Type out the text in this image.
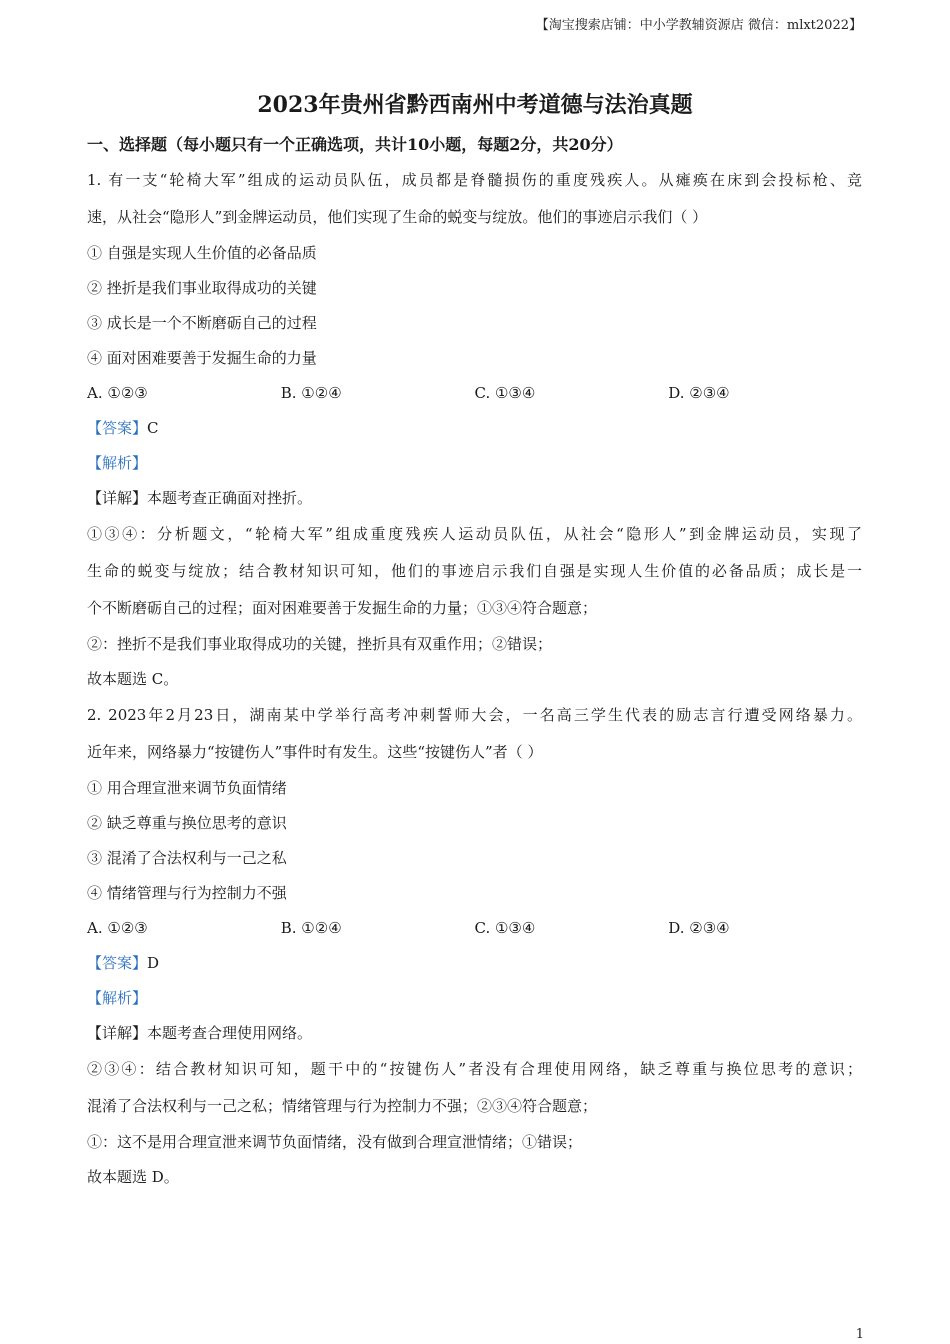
【淘宝搜索店铺：中小学教辅资源店 微信：mlxt2022】
2023年贵州省黔西南州中考道德与法治真题
一、选择题（每小题只有一个正确选项，共计10小题，每题2分，共20分）
1. 有一支“轮椅大军”组成的运动员队伍，成员都是脊髓损伤的重度残疾人。从瘫痪在床到会投标枪、竞
速，从社会“隐形人”到金牌运动员，他们实现了生命的蜕变与绽放。他们的事迹启示我们（ ）
① 自强是实现人生价值的必备品质
② 挫折是我们事业取得成功的关键
③ 成长是一个不断磨砺自己的过程
④ 面对困难要善于发掘生命的力量
A. ①②③	B. ①②④	C. ①③④	D. ②③④
【答案】C
【解析】
【详解】本题考查正确面对挫折。
①③④：分析题文，“轮椅大军”组成重度残疾人运动员队伍，从社会“隐形人”到金牌运动员，实现了
生命的蜕变与绽放；结合教材知识可知，他们的事迹启示我们自强是实现人生价值的必备品质；成长是一
个不断磨砺自己的过程；面对困难要善于发掘生命的力量；①③④符合题意；
②：挫折不是我们事业取得成功的关键，挫折具有双重作用；②错误；
故本题选 C。
2. 2023年2月23日，湖南某中学举行高考冲刺誓师大会，一名高三学生代表的励志言行遭受网络暴力。
近年来，网络暴力“按键伤人”事件时有发生。这些“按键伤人”者（ ）
① 用合理宣泄来调节负面情绪
② 缺乏尊重与换位思考的意识
③ 混淆了合法权利与一己之私
④ 情绪管理与行为控制力不强
A. ①②③	B. ①②④	C. ①③④	D. ②③④
【答案】D
【解析】
【详解】本题考查合理使用网络。
②③④：结合教材知识可知，题干中的“按键伤人”者没有合理使用网络，缺乏尊重与换位思考的意识；
混淆了合法权利与一己之私；情绪管理与行为控制力不强；②③④符合题意；
①：这不是用合理宣泄来调节负面情绪，没有做到合理宣泄情绪；①错误；
故本题选 D。
1
